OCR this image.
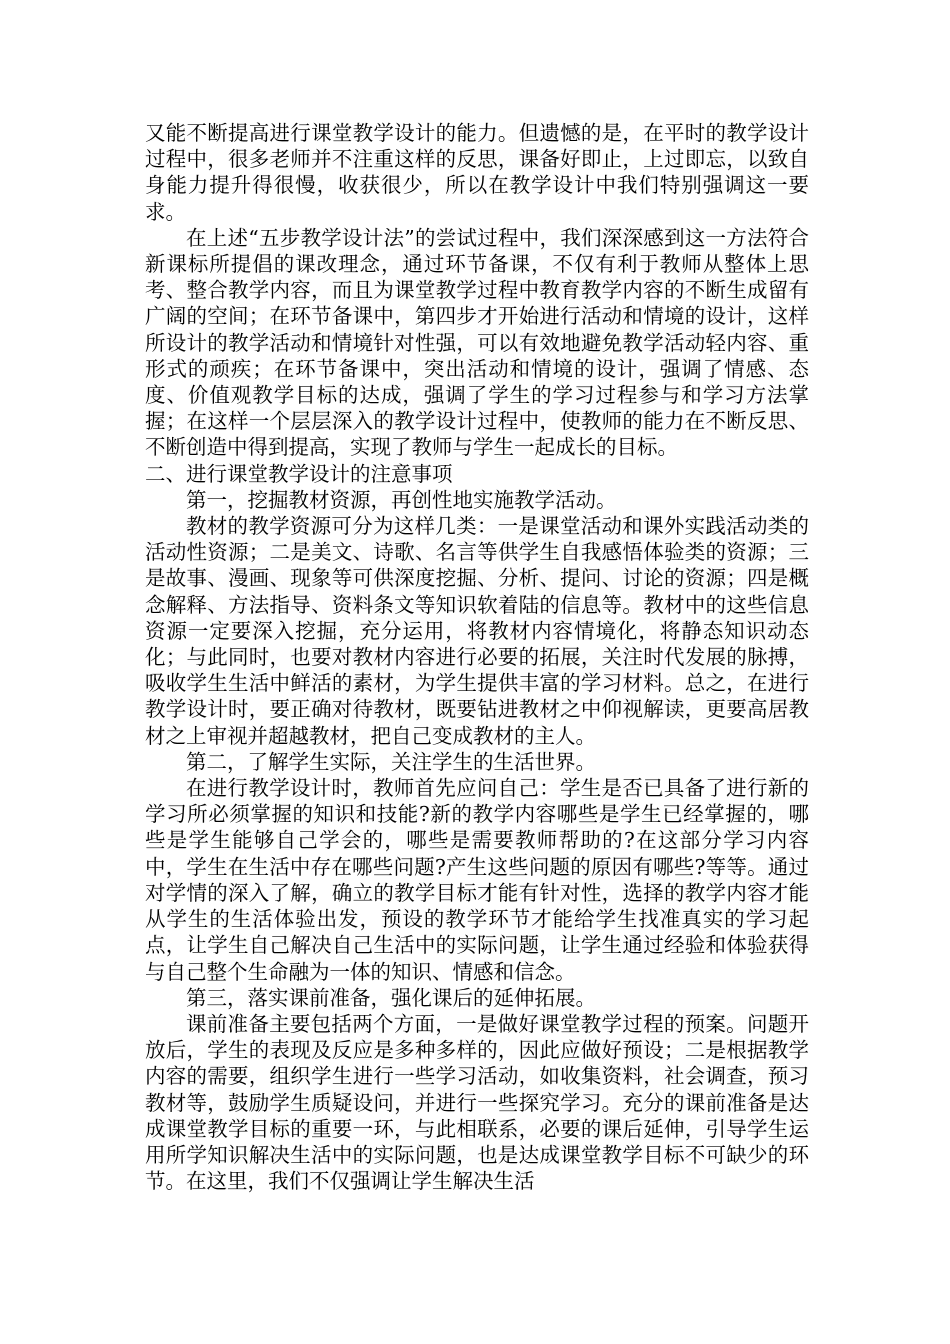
又能不断提高进行课堂教学设计的能力。但遗憾的是，在平时的教学设计过程中，很多老师并不注重这样的反思，课备好即止，上过即忘，以致自身能力提升得很慢，收获很少，所以在教学设计中我们特别强调这一要求。

在上述“五步教学设计法”的尝试过程中，我们深深感到这一方法符合新课标所提倡的课改理念，通过环节备课，不仅有利于教师从整体上思考、整合教学内容，而且为课堂教学过程中教育教学内容的不断生成留有广阔的空间；在环节备课中，第四步才开始进行活动和情境的设计，这样所设计的教学活动和情境针对性强，可以有效地避免教学活动轻内容、重形式的顽疾；在环节备课中，突出活动和情境的设计，强调了情感、态度、价值观教学目标的达成，强调了学生的学习过程参与和学习方法掌握；在这样一个层层深入的教学设计过程中，使教师的能力在不断反思、不断创造中得到提高，实现了教师与学生一起成长的目标。

二、进行课堂教学设计的注意事项

第一，挖掘教材资源，再创性地实施教学活动。

教材的教学资源可分为这样几类：一是课堂活动和课外实践活动类的活动性资源；二是美文、诗歌、名言等供学生自我感悟体验类的资源；三是故事、漫画、现象等可供深度挖掘、分析、提问、讨论的资源；四是概念解释、方法指导、资料条文等知识软着陆的信息等。教材中的这些信息资源一定要深入挖掘，充分运用，将教材内容情境化，将静态知识动态化；与此同时，也要对教材内容进行必要的拓展，关注时代发展的脉搏，吸收学生生活中鲜活的素材，为学生提供丰富的学习材料。总之，在进行教学设计时，要正确对待教材，既要钻进教材之中仰视解读，更要高居教材之上审视并超越教材，把自己变成教材的主人。

第二，了解学生实际，关注学生的生活世界。

在进行教学设计时，教师首先应问自己：学生是否已具备了进行新的学习所必须掌握的知识和技能?新的教学内容哪些是学生已经掌握的，哪些是学生能够自己学会的，哪些是需要教师帮助的?在这部分学习内容中，学生在生活中存在哪些问题?产生这些问题的原因有哪些?等等。通过对学情的深入了解，确立的教学目标才能有针对性，选择的教学内容才能从学生的生活体验出发，预设的教学环节才能给学生找准真实的学习起点，让学生自己解决自己生活中的实际问题，让学生通过经验和体验获得与自己整个生命融为一体的知识、情感和信念。

第三，落实课前准备，强化课后的延伸拓展。

课前准备主要包括两个方面，一是做好课堂教学过程的预案。问题开放后，学生的表现及反应是多种多样的，因此应做好预设；二是根据教学内容的需要，组织学生进行一些学习活动，如收集资料，社会调查，预习教材等，鼓励学生质疑设问，并进行一些探究学习。充分的课前准备是达成课堂教学目标的重要一环，与此相联系，必要的课后延伸，引导学生运用所学知识解决生活中的实际问题，也是达成课堂教学目标不可缺少的环节。在这里，我们不仅强调让学生解决生活
